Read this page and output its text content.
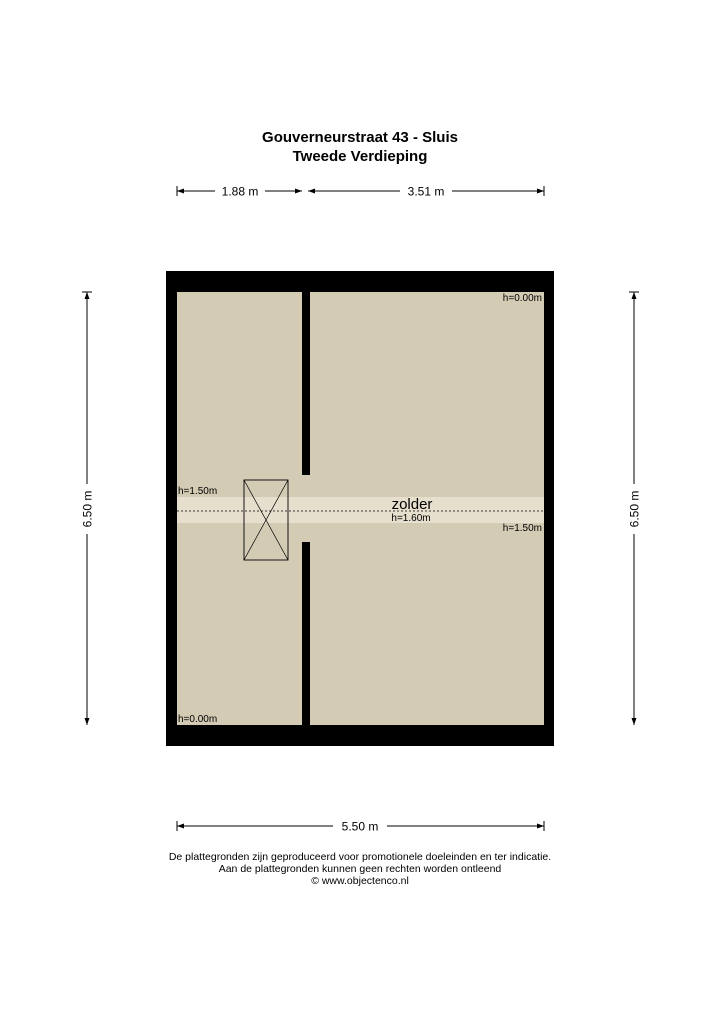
Gouverneurstraat 43 - Sluis
Tweede Verdieping
1.88 m	3.51 m
6.50 m	6.50 m
5.50 m
h=0.00m
h=1.50m
h=1.50m
h=0.00m
zolder
h=1.60m
De plattegronden zijn geproduceerd voor promotionele doeleinden en ter indicatie.
Aan de plattegronden kunnen geen rechten worden ontleend
© www.objectenco.nl
